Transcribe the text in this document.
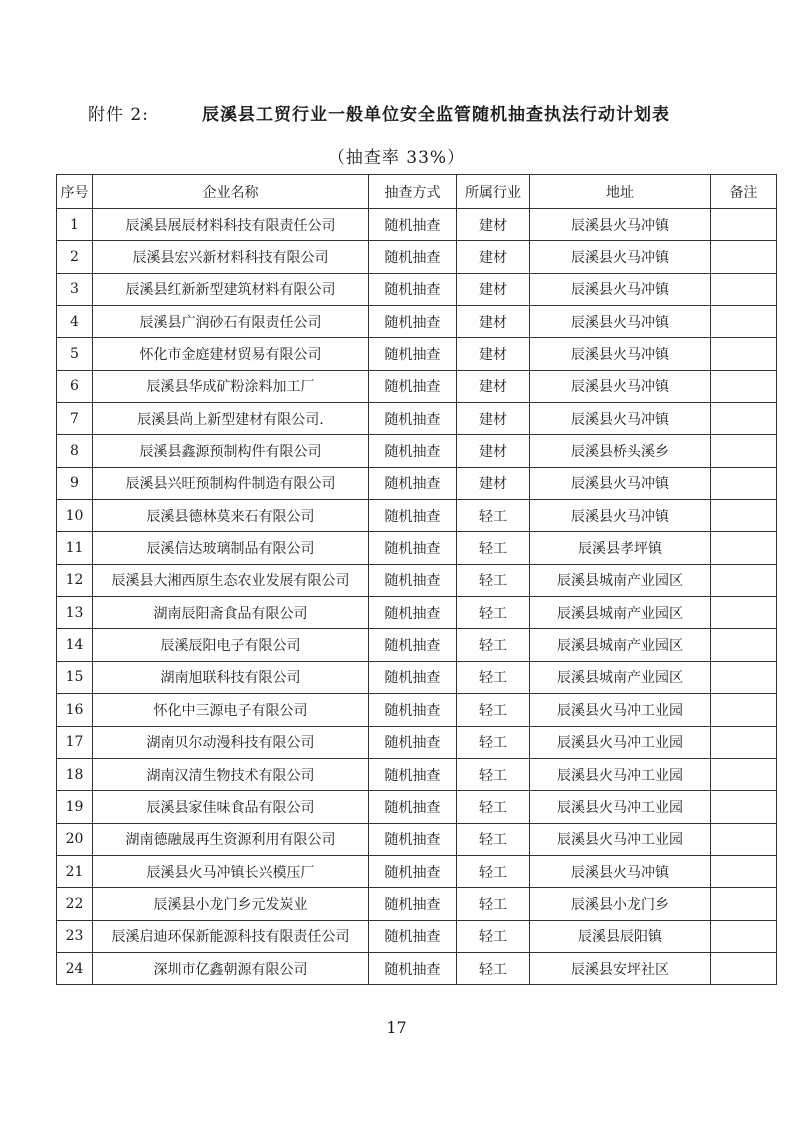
附件 2:	辰溪县工贸行业一般单位安全监管随机抽查执法行动计划表
（抽查率 33%）
序号	企业名称	抽查方式	所属行业	地址	备注
1	辰溪县展辰材料科技有限责任公司	随机抽查	建材	辰溪县火马冲镇	
2	辰溪县宏兴新材料科技有限公司	随机抽查	建材	辰溪县火马冲镇	
3	辰溪县红新新型建筑材料有限公司	随机抽查	建材	辰溪县火马冲镇	
4	辰溪县广润砂石有限责任公司	随机抽查	建材	辰溪县火马冲镇	
5	怀化市金庭建材贸易有限公司	随机抽查	建材	辰溪县火马冲镇	
6	辰溪县华成矿粉涂料加工厂	随机抽查	建材	辰溪县火马冲镇	
7	辰溪县尚上新型建材有限公司.	随机抽查	建材	辰溪县火马冲镇	
8	辰溪县鑫源预制构件有限公司	随机抽查	建材	辰溪县桥头溪乡	
9	辰溪县兴旺预制构件制造有限公司	随机抽查	建材	辰溪县火马冲镇	
10	辰溪县德林莫来石有限公司	随机抽查	轻工	辰溪县火马冲镇	
11	辰溪信达玻璃制品有限公司	随机抽查	轻工	辰溪县孝坪镇	
12	辰溪县大湘西原生态农业发展有限公司	随机抽查	轻工	辰溪县城南产业园区	
13	湖南辰阳斋食品有限公司	随机抽查	轻工	辰溪县城南产业园区	
14	辰溪辰阳电子有限公司	随机抽查	轻工	辰溪县城南产业园区	
15	湖南旭联科技有限公司	随机抽查	轻工	辰溪县城南产业园区	
16	怀化中三源电子有限公司	随机抽查	轻工	辰溪县火马冲工业园	
17	湖南贝尔动漫科技有限公司	随机抽查	轻工	辰溪县火马冲工业园	
18	湖南汉清生物技术有限公司	随机抽查	轻工	辰溪县火马冲工业园	
19	辰溪县家佳味食品有限公司	随机抽查	轻工	辰溪县火马冲工业园	
20	湖南德融晟再生资源利用有限公司	随机抽查	轻工	辰溪县火马冲工业园	
21	辰溪县火马冲镇长兴模压厂	随机抽查	轻工	辰溪县火马冲镇	
22	辰溪县小龙门乡元发炭业	随机抽查	轻工	辰溪县小龙门乡	
23	辰溪启迪环保新能源科技有限责任公司	随机抽查	轻工	辰溪县辰阳镇	
24	深圳市亿鑫朝源有限公司	随机抽查	轻工	辰溪县安坪社区	
17
